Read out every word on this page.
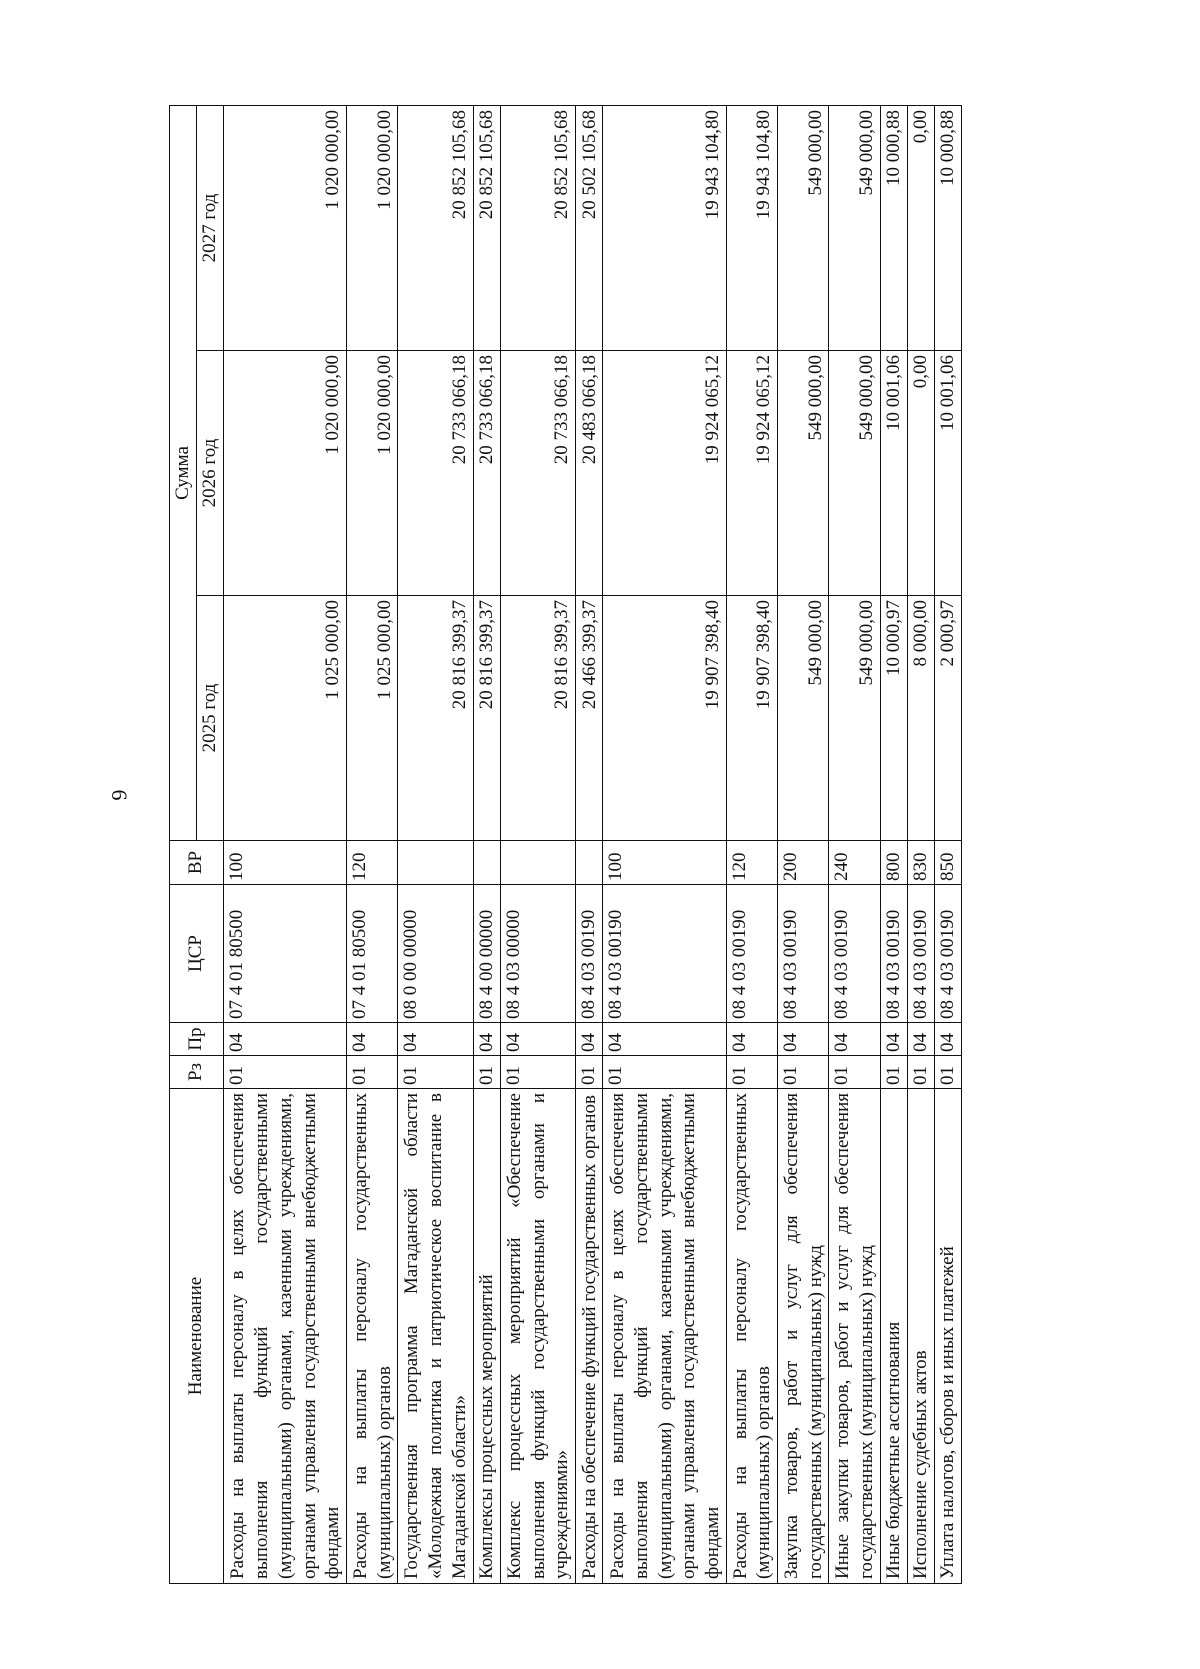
6
Наименование	Рз	Пр	ЦСР	ВР	Сумма		
					2025 год	2026 год	2027 год
Расходы на выплаты персоналу в целях обеспечения выполнения функций государственными (муниципальными) органами, казенными учреждениями, органами управления государственными внебюджетными фондами	01	04	07 4 01 80500	100	1 025 000,00	1 020 000,00	1 020 000,00
Расходы на выплаты персоналу государственных (муниципальных) органов	01	04	07 4 01 80500	120	1 025 000,00	1 020 000,00	1 020 000,00
Государственная программа Магаданской области «Молодежная политика и патриотическое воспитание в Магаданской области»	01	04	08 0 00 00000		20 816 399,37	20 733 066,18	20 852 105,68
Комплексы процессных мероприятий	01	04	08 4 00 00000		20 816 399,37	20 733 066,18	20 852 105,68
Комплекс процессных мероприятий «Обеспечение выполнения функций государственными органами и учреждениями»	01	04	08 4 03 00000		20 816 399,37	20 733 066,18	20 852 105,68
Расходы на обеспечение функций государственных органов	01	04	08 4 03 00190		20 466 399,37	20 483 066,18	20 502 105,68
Расходы на выплаты персоналу в целях обеспечения выполнения функций государственными (муниципальными) органами, казенными учреждениями, органами управления государственными внебюджетными фондами	01	04	08 4 03 00190	100	19 907 398,40	19 924 065,12	19 943 104,80
Расходы на выплаты персоналу государственных (муниципальных) органов	01	04	08 4 03 00190	120	19 907 398,40	19 924 065,12	19 943 104,80
Закупка товаров, работ и услуг для обеспечения государственных (муниципальных) нужд	01	04	08 4 03 00190	200	549 000,00	549 000,00	549 000,00
Иные закупки товаров, работ и услуг для обеспечения государственных (муниципальных) нужд	01	04	08 4 03 00190	240	549 000,00	549 000,00	549 000,00
Иные бюджетные ассигнования	01	04	08 4 03 00190	800	10 000,97	10 001,06	10 000,88
Исполнение судебных актов	01	04	08 4 03 00190	830	8 000,00	0,00	0,00
Уплата налогов, сборов и иных платежей	01	04	08 4 03 00190	850	2 000,97	10 001,06	10 000,88
